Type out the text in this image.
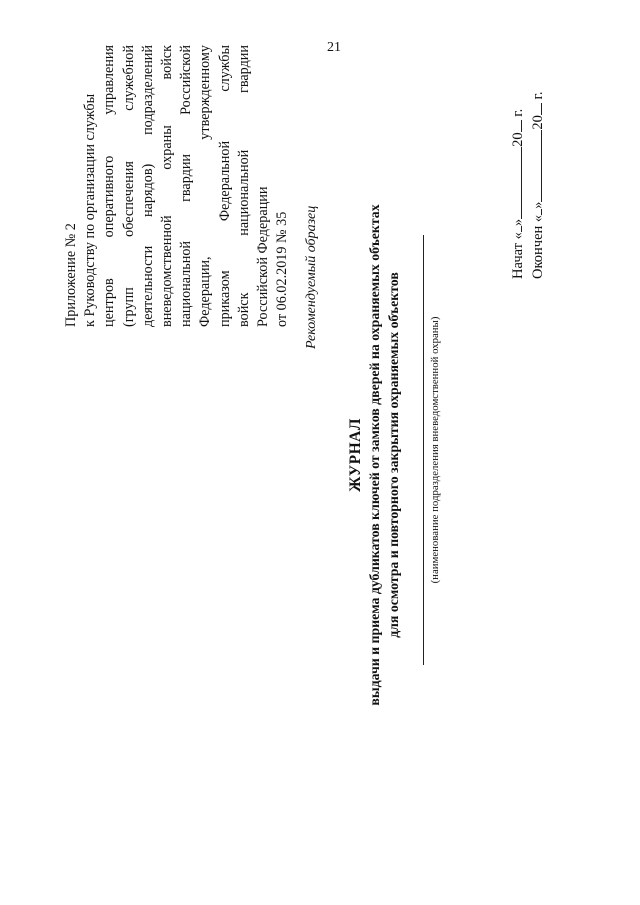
21
Приложение № 2 к Руководству по организации службы центров оперативного управления (групп обеспечения служебной деятельности нарядов) подразделений вневедомственной охраны войск национальной гвардии Российской Федерации, утвержденному приказом Федеральной службы войск национальной гвардии Российской Федерации от 06.02.2019 № 35 Рекомендуемый образец
ЖУРНАЛ выдачи и приема дубликатов ключей от замков дверей на охраняемых объектах для осмотра и повторного закрытия охраняемых объектов	(наименование подразделения вневедомственной охраны)
Начат «»20 г.
Окончен «»20 г.
